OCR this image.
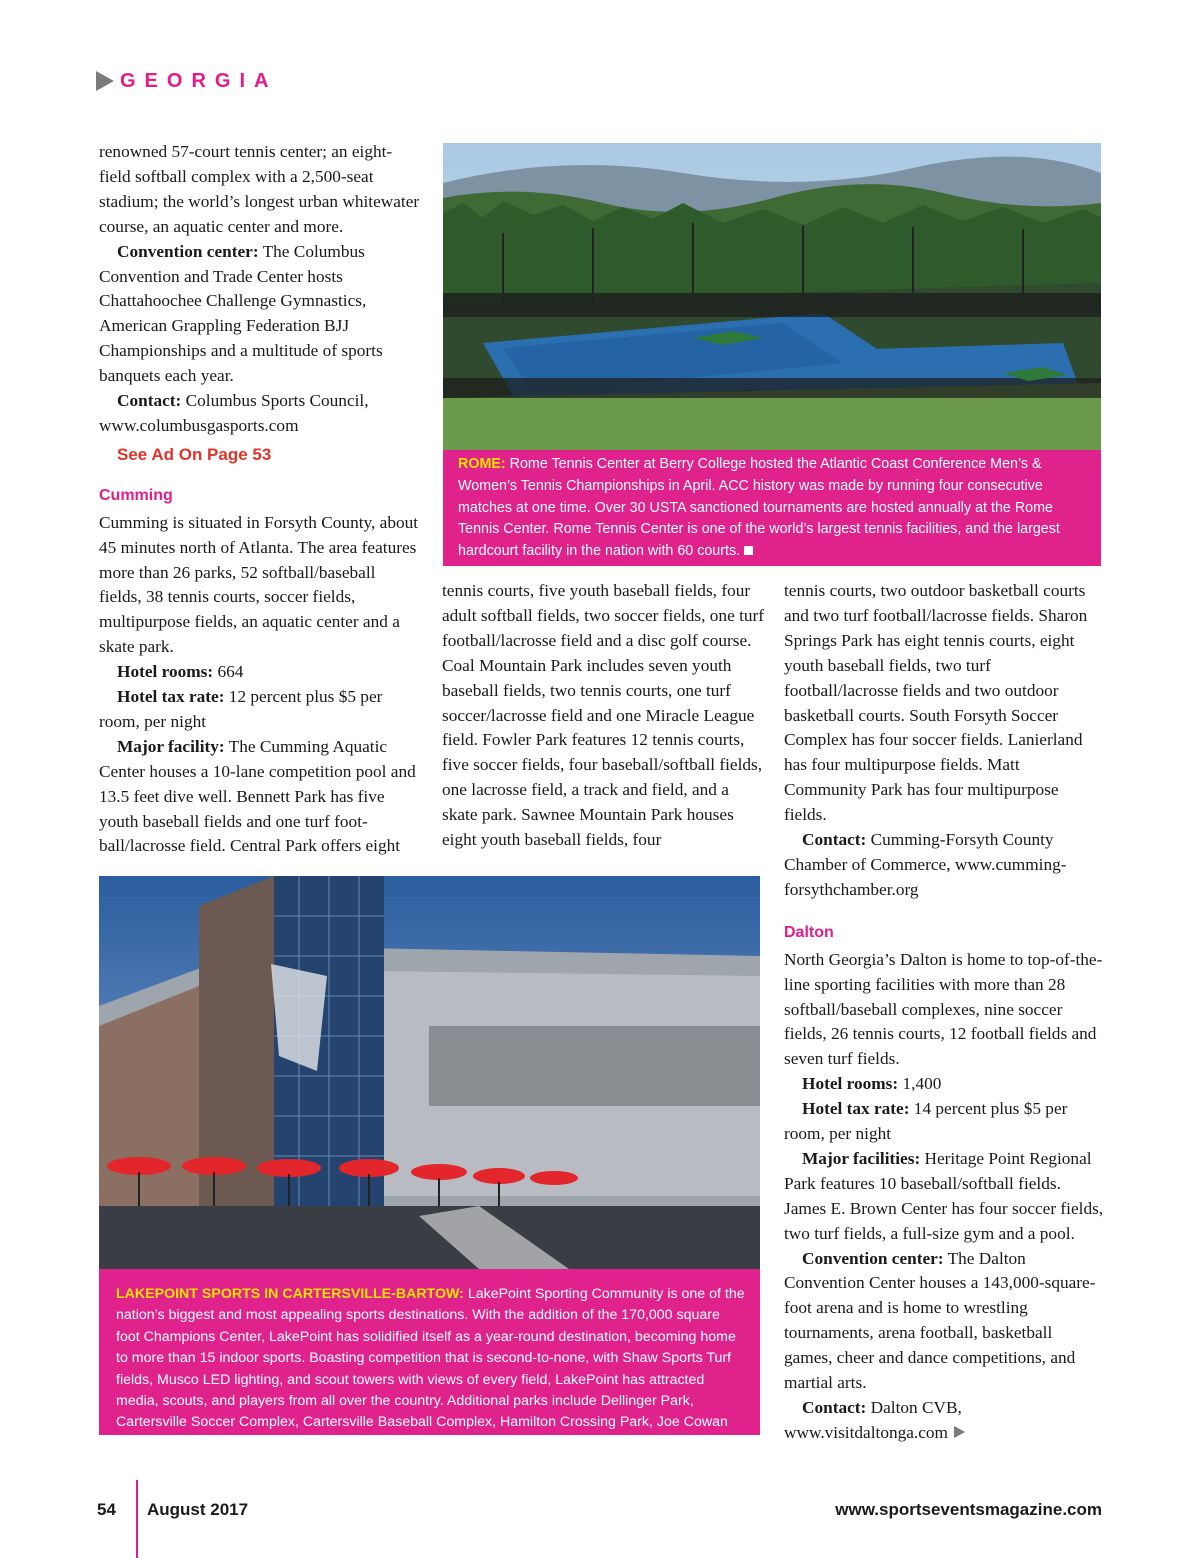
GEORGIA

renowned 57-court tennis center; an eight-field softball complex with a 2,500-seat stadium; the world’s longest urban whitewater course, an aquatic center and more.

Convention center: The Columbus Convention and Trade Center hosts Chattahoochee Challenge Gymnastics, American Grappling Federation BJJ Championships and a multitude of sports banquets each year.

Contact: Columbus Sports Council, www.columbusgasports.com

See Ad On Page 53

Cumming

Cumming is situated in Forsyth County, about 45 minutes north of Atlanta. The area features more than 26 parks, 52 softball/baseball fields, 38 tennis courts, soccer fields, multipurpose fields, an aquatic center and a skate park.

Hotel rooms: 664

Hotel tax rate: 12 percent plus $5 per room, per night

Major facility: The Cumming Aquatic Center houses a 10-lane competition pool and 13.5 feet dive well. Bennett Park has five youth baseball fields and one turf foot-ball/lacrosse field. Central Park offers eight

ROME: Rome Tennis Center at Berry College hosted the Atlantic Coast Conference Men’s & Women’s Tennis Championships in April. ACC history was made by running four consecutive matches at one time. Over 30 USTA sanctioned tournaments are hosted annually at the Rome Tennis Center. Rome Tennis Center is one of the world’s largest tennis facilities, and the largest hardcourt facility in the nation with 60 courts.

tennis courts, five youth baseball fields, four adult softball fields, two soccer fields, one turf football/lacrosse field and a disc golf course. Coal Mountain Park includes seven youth baseball fields, two tennis courts, one turf soccer/lacrosse field and one Miracle League field. Fowler Park features 12 tennis courts, five soccer fields, four baseball/softball fields, one lacrosse field, a track and field, and a skate park. Sawnee Mountain Park houses eight youth baseball fields, four

tennis courts, two outdoor basketball courts and two turf football/lacrosse fields. Sharon Springs Park has eight tennis courts, eight youth baseball fields, two turf football/lacrosse fields and two outdoor basketball courts. South Forsyth Soccer Complex has four soccer fields. Lanierland has four multipurpose fields. Matt Community Park has four multipurpose fields.

Contact: Cumming-Forsyth County Chamber of Commerce, www.cumming-forsythchamber.org

Dalton

North Georgia’s Dalton is home to top-of-the-line sporting facilities with more than 28 softball/baseball complexes, nine soccer fields, 26 tennis courts, 12 football fields and seven turf fields.

Hotel rooms: 1,400

Hotel tax rate: 14 percent plus $5 per room, per night

Major facilities: Heritage Point Regional Park features 10 baseball/softball fields. James E. Brown Center has four soccer fields, two turf fields, a full-size gym and a pool.

Convention center: The Dalton Convention Center houses a 143,000-square-foot arena and is home to wrestling tournaments, arena football, basketball games, cheer and dance competitions, and martial arts.

Contact: Dalton CVB, www.visitdaltonga.com

LAKEPOINT SPORTS IN CARTERSVILLE-BARTOW: LakePoint Sporting Community is one of the nation’s biggest and most appealing sports destinations. With the addition of the 170,000 square foot Champions Center, LakePoint has solidified itself as a year-round destination, becoming home to more than 15 indoor sports. Boasting competition that is second-to-none, with Shaw Sports Turf fields, Musco LED lighting, and scout towers with views of every field, LakePoint has attracted media, scouts, and players from all over the country. Additional parks include Dellinger Park, Cartersville Soccer Complex, Cartersville Baseball Complex, Hamilton Crossing Park, Joe Cowan Park, and Manning Mill Park.
54 August 2017	www.sportseventsmagazine.com
